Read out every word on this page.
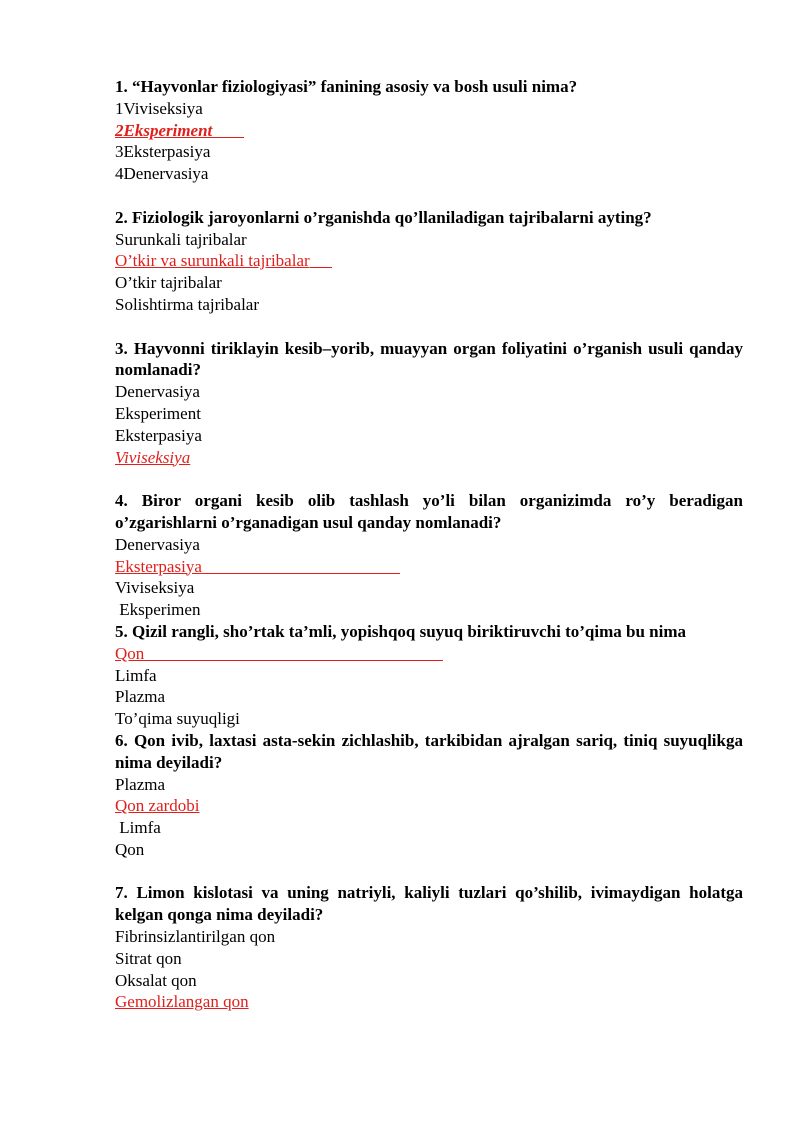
1. “Hayvonlar fiziologiyasi” fanining asosiy va bosh usuli nima?

1Viviseksiya

2Eksperiment

3Eksterpasiya

4Denervasiya

2. Fiziologik jaroyonlarni o’rganishda qo’llaniladigan tajribalarni ayting?

Surunkali tajribalar

O’tkir va surunkali tajribalar

O’tkir tajribalar

Solishtirma tajribalar

3. Hayvonni tiriklayin kesib–yorib, muayyan organ foliyatini o’rganish usuli qanday nomlanadi?

Denervasiya

Eksperiment

Eksterpasiya

Viviseksiya

4. Biror organi kesib olib tashlash yo’li bilan organizimda ro’y beradigan o’zgarishlarni o’rganadigan usul qanday nomlanadi?

Denervasiya

Eksterpasiya

Viviseksiya

Eksperimen

5. Qizil rangli, sho’rtak ta’mli, yopishqoq suyuq biriktiruvchi to’qima bu nima

Qon

Limfa

Plazma

To’qima suyuqligi

6. Qon ivib, laxtasi asta-sekin zichlashib, tarkibidan ajralgan sariq, tiniq suyuqlikga nima deyiladi?

Plazma

Qon zardobi

Limfa

Qon

7. Limon kislotasi va uning natriyli, kaliyli tuzlari qo’shilib, ivimaydigan holatga kelgan qonga nima deyiladi?

Fibrinsizlantirilgan qon

Sitrat qon

Oksalat qon

Gemolizlangan qon
